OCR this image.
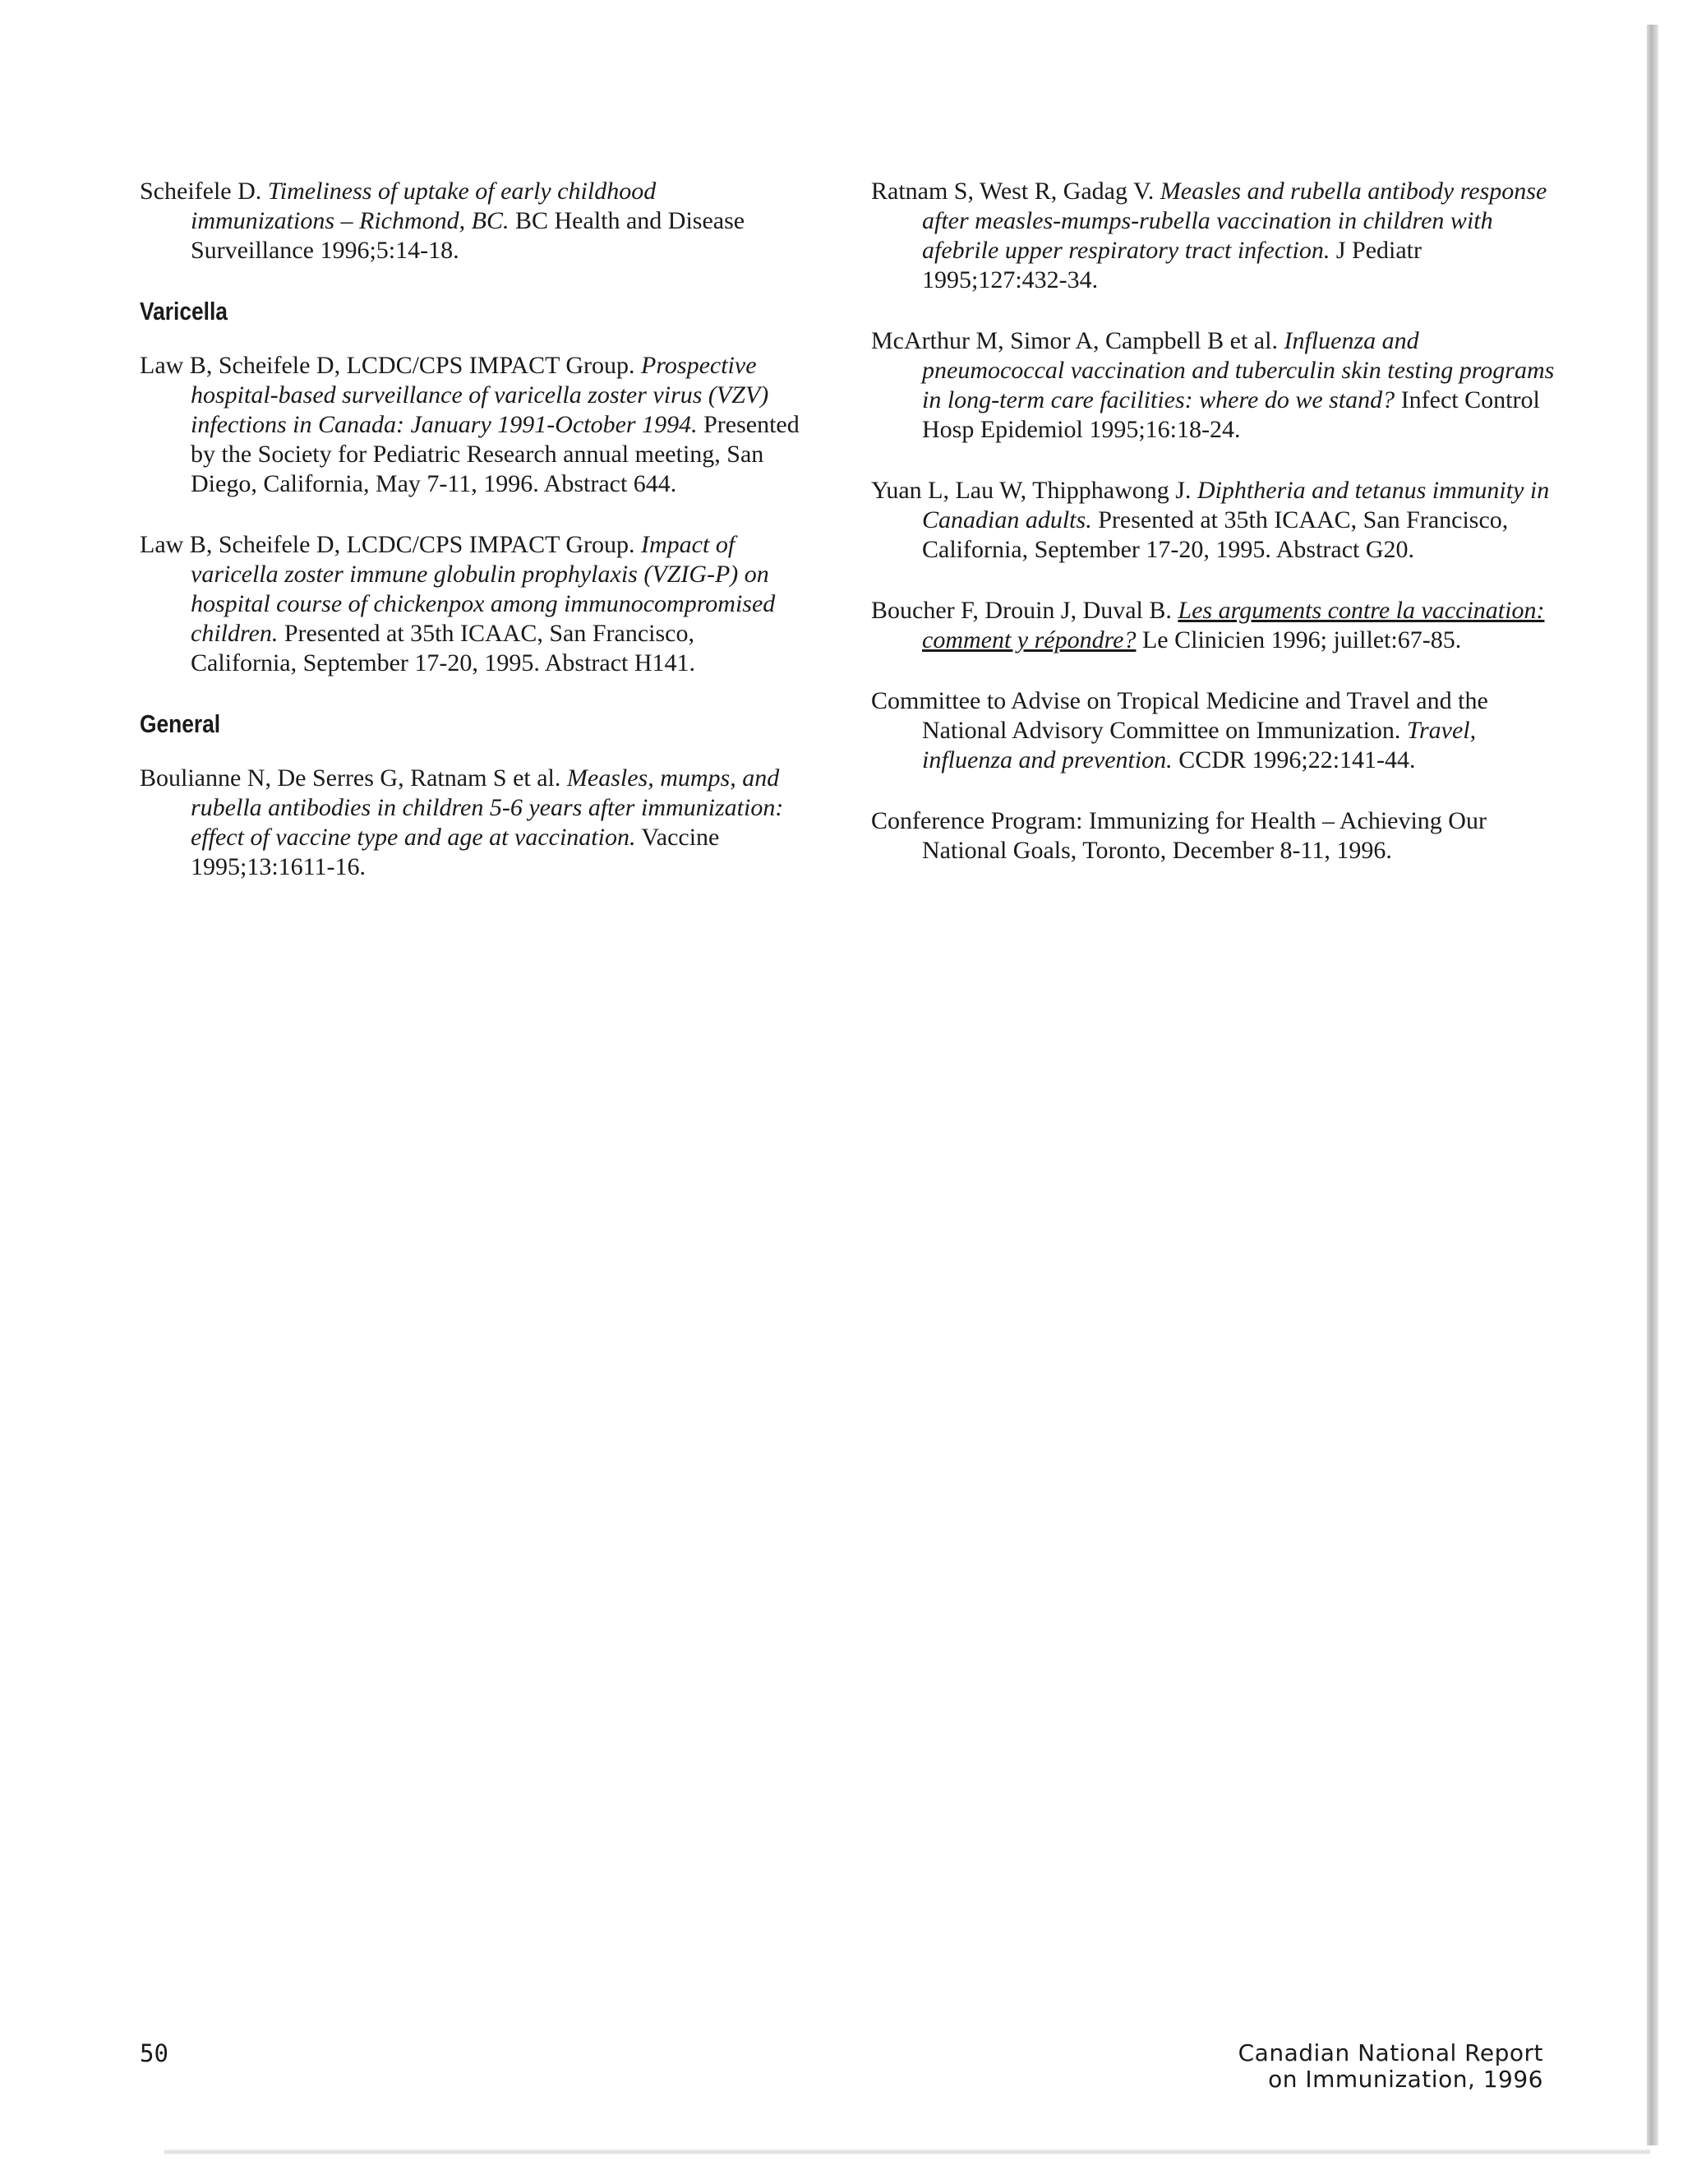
Scheifele D. Timeliness of uptake of early childhood immunizations – Richmond, BC. BC Health and Disease Surveillance 1996;5:14-18.

Varicella

Law B, Scheifele D, LCDC/CPS IMPACT Group. Prospective hospital-based surveillance of varicella zoster virus (VZV) infections in Canada: January 1991-October 1994. Presented by the Society for Pediatric Research annual meeting, San Diego, California, May 7-11, 1996. Abstract 644.

Law B, Scheifele D, LCDC/CPS IMPACT Group. Impact of varicella zoster immune globulin prophylaxis (VZIG-P) on hospital course of chickenpox among immunocompromised children. Presented at 35th ICAAC, San Francisco, California, September 17-20, 1995. Abstract H141.

General

Boulianne N, De Serres G, Ratnam S et al. Measles, mumps, and rubella antibodies in children 5-6 years after immunization: effect of vaccine type and age at vaccination. Vaccine 1995;13:1611-16.

Ratnam S, West R, Gadag V. Measles and rubella antibody response after measles-mumps-rubella vaccination in children with afebrile upper respiratory tract infection. J Pediatr 1995;127:432-34.

McArthur M, Simor A, Campbell B et al. Influenza and pneumococcal vaccination and tuberculin skin testing programs in long-term care facilities: where do we stand? Infect Control Hosp Epidemiol 1995;16:18-24.

Yuan L, Lau W, Thipphawong J. Diphtheria and tetanus immunity in Canadian adults. Presented at 35th ICAAC, San Francisco, California, September 17-20, 1995. Abstract G20.

Boucher F, Drouin J, Duval B. Les arguments contre la vaccination: comment y répondre? Le Clinicien 1996; juillet:67-85.

Committee to Advise on Tropical Medicine and Travel and the National Advisory Committee on Immunization. Travel, influenza and prevention. CCDR 1996;22:141-44.

Conference Program: Immunizing for Health – Achieving Our National Goals, Toronto, December 8-11, 1996.

50	Canadian National Report
on Immunization, 1996
